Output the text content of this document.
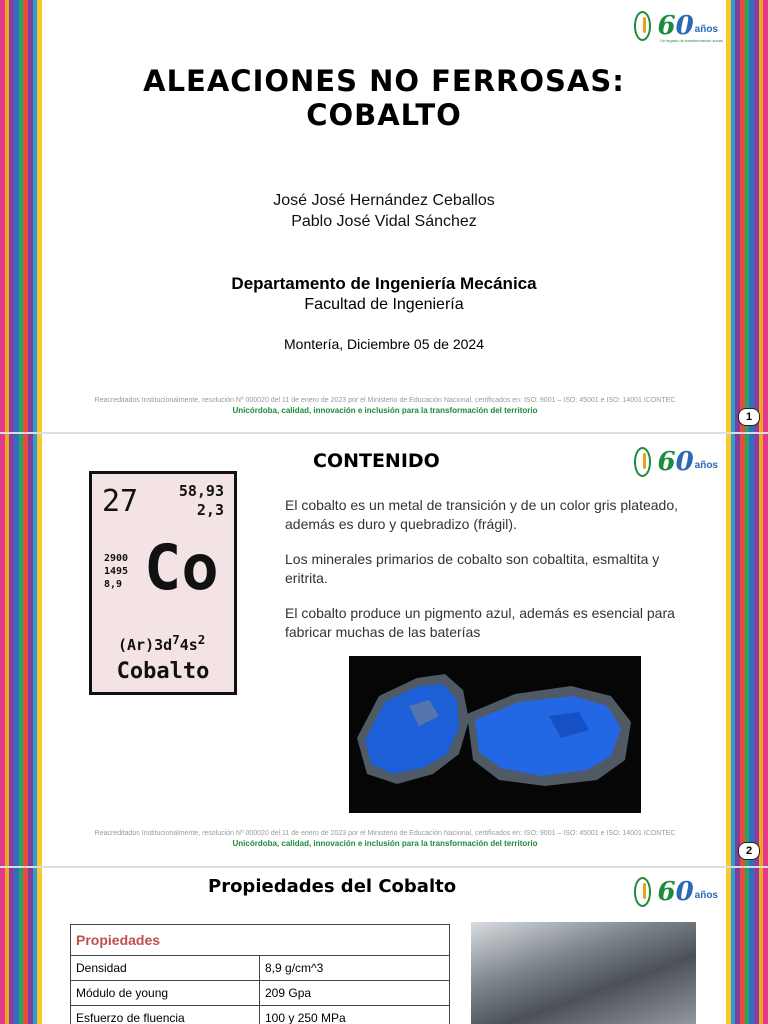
60 años
Un legado de transformación social
ALEACIONES NO FERROSAS:
COBALTO
José José Hernández Ceballos
Pablo José Vidal Sánchez
Departamento de Ingeniería Mecánica
Facultad de Ingeniería
Montería, Diciembre 05 de 2024
Reacreditados Institucionalmente, resolución Nº 000020 del 11 de enero de 2023 por el Ministerio de Educación Nacional, certificados en: ISO: 9001 – ISO: 45001 e ISO: 14001 ICONTEC
Unicórdoba, calidad, innovación e inclusión para la transformación del territorio
1
60 años
CONTENIDO
27	58,93
2,3
2900
1495
8,9 Co
$(Ar)3d^74s^2$
Cobalto
El cobalto es un metal de transición y de un color gris plateado, además es duro y quebradizo (frágil).
Los minerales primarios de cobalto son cobaltita, esmaltita y eritrita.
El cobalto produce un pigmento azul, además es esencial para fabricar muchas de las baterías
Reacreditados Institucionalmente, resolución Nº 000020 del 11 de enero de 2023 por el Ministerio de Educación Nacional, certificados en: ISO: 9001 – ISO: 45001 e ISO: 14001 ICONTEC
Unicórdoba, calidad, innovación e inclusión para la transformación del territorio
2
60 años
Propiedades del Cobalto
Propiedades	
Densidad	8,9 g/cm^3
Módulo de young	209 Gpa
Esfuerzo de fluencia	100 y 250 MPa
